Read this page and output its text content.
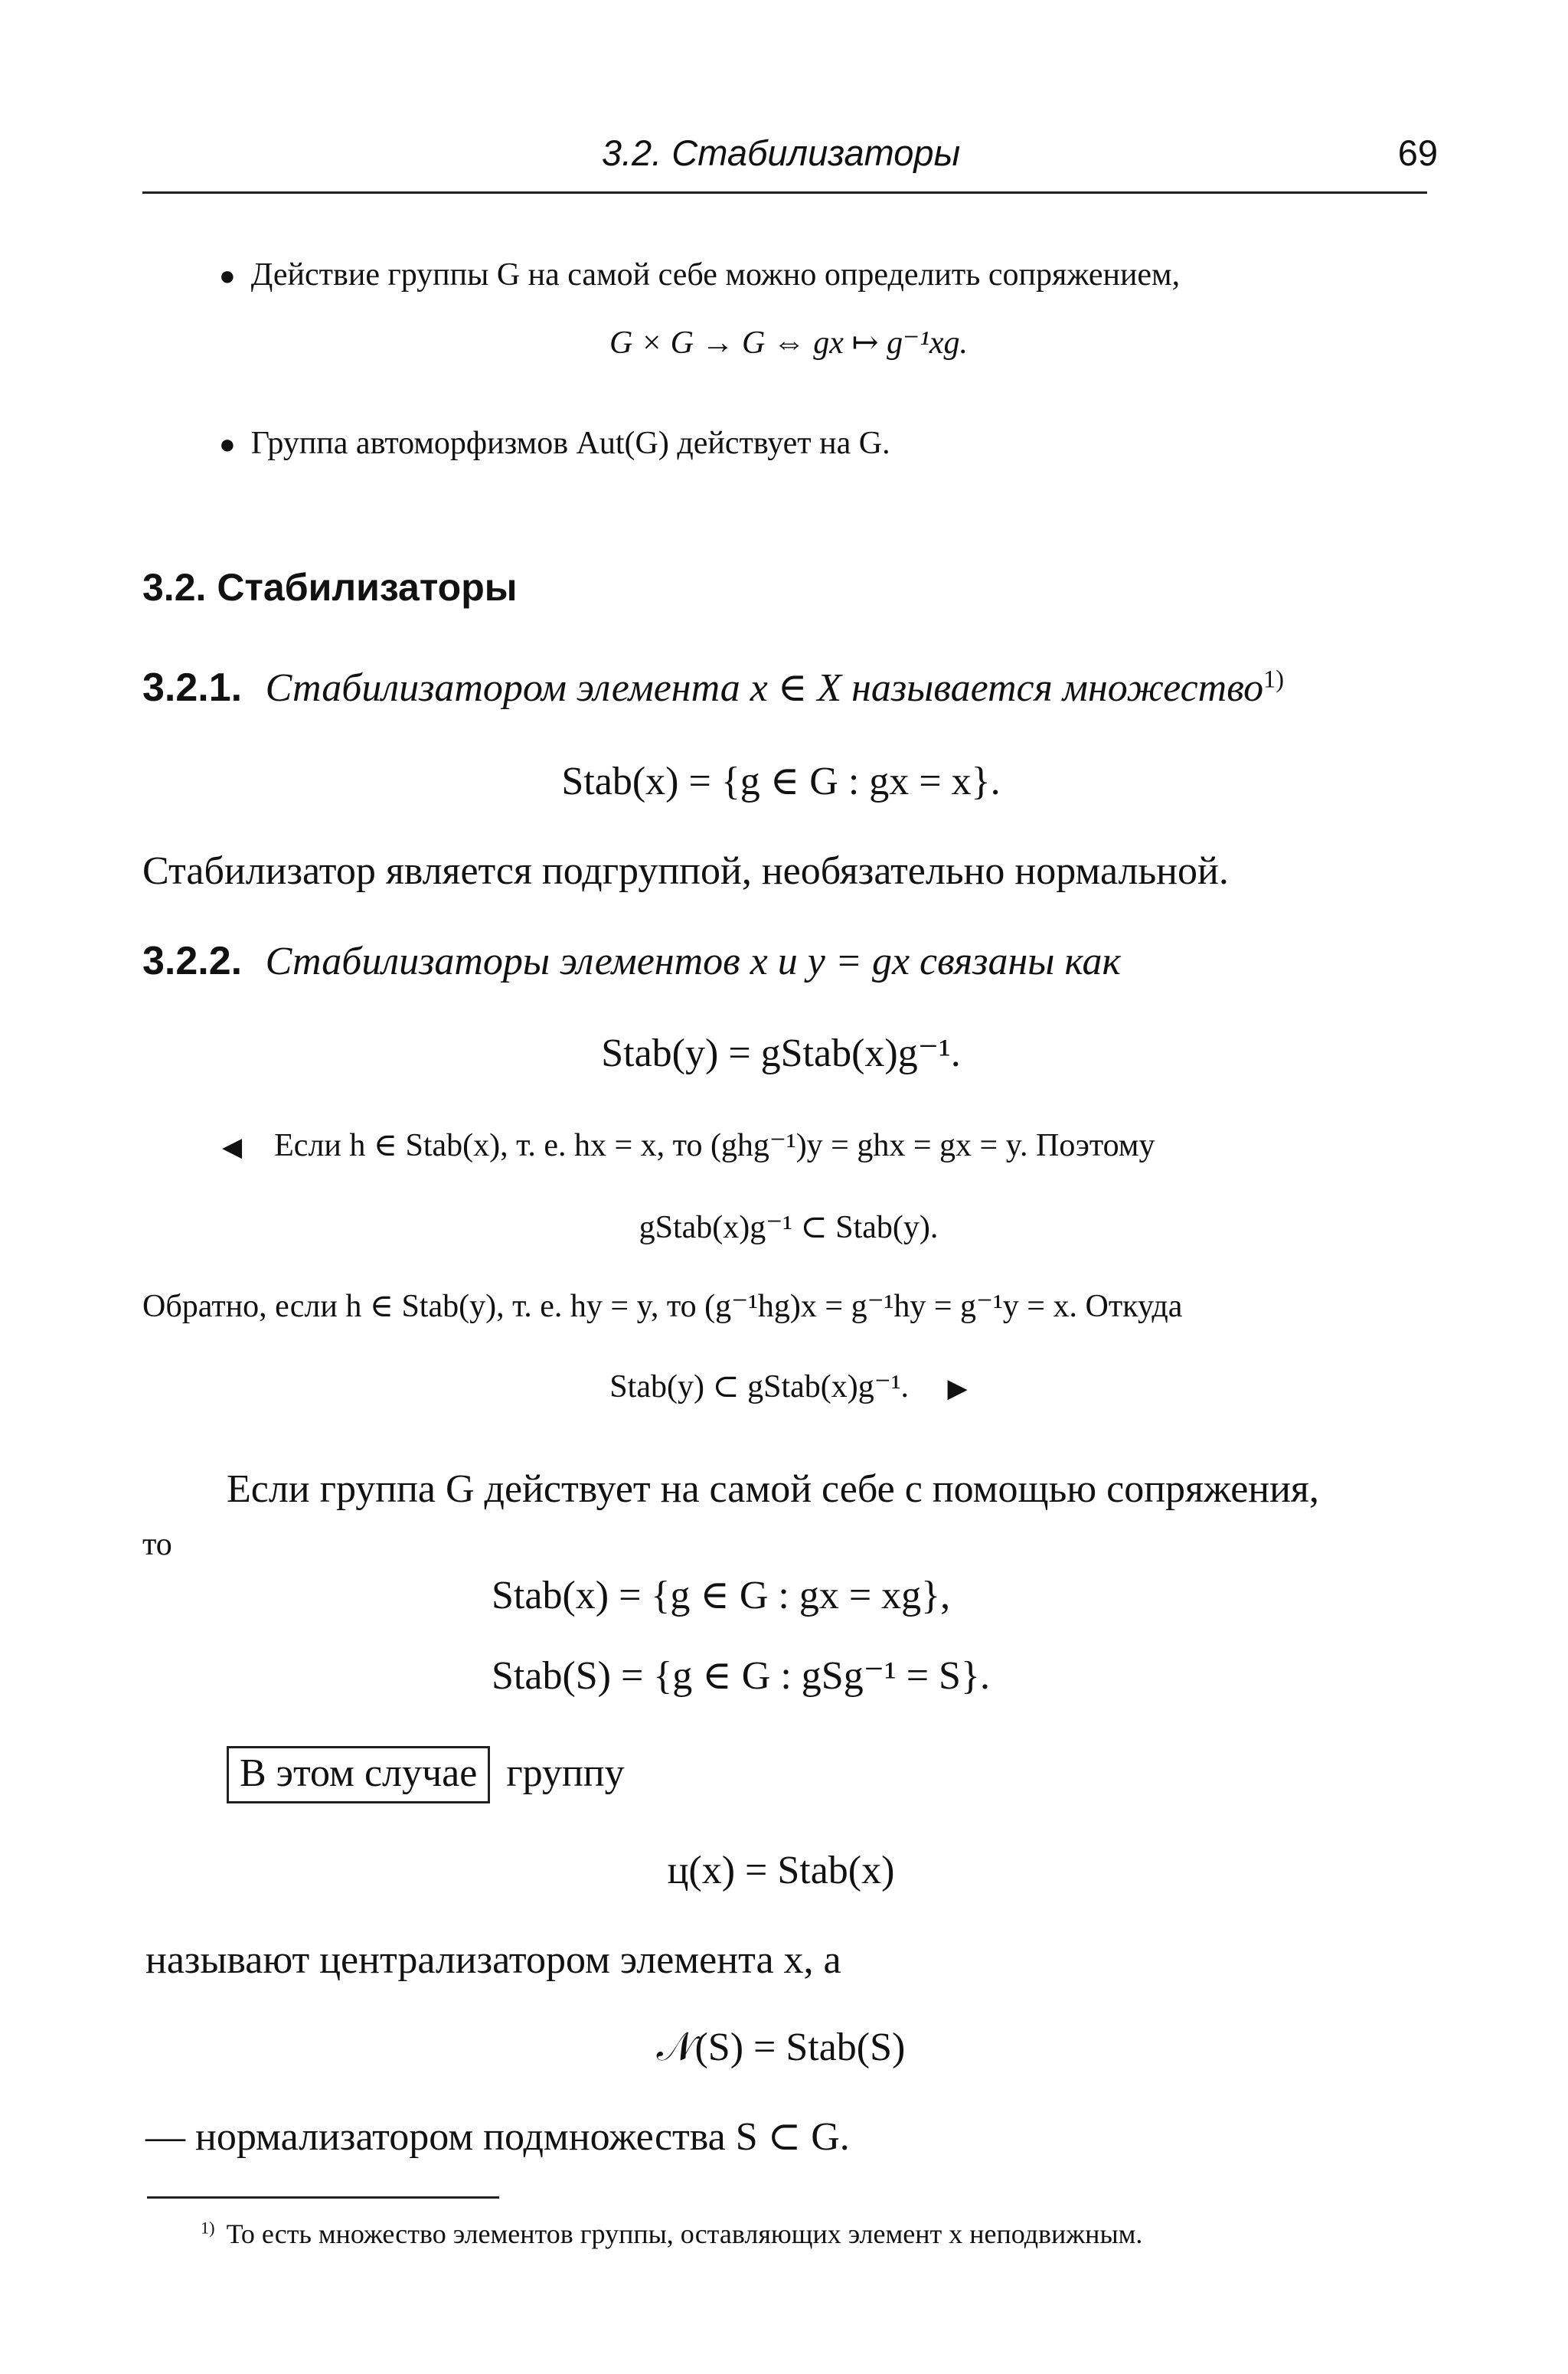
3.2. Стабилизаторы	69
● Действие группы G на самой себе можно определить сопряжением,
G × G → G ⇔ gx ↦ g⁻¹xg.
● Группа автоморфизмов Aut(G) действует на G.
3.2. Стабилизаторы
3.2.1. Стабилизатором элемента x ∈ X называется множество$^{1)}$
Stab(x) = {g ∈ G : gx = x}.
Стабилизатор является подгруппой, необязательно нормальной.
3.2.2. Стабилизаторы элементов x и y = gx связаны как
Stab(y) = gStab(x)g⁻¹.
◀ Если h ∈ Stab(x), т. е. hx = x, то (ghg⁻¹)y = ghx = gx = y. Поэтому
gStab(x)g⁻¹ ⊂ Stab(y).
Обратно, если h ∈ Stab(y), т. е. hy = y, то (g⁻¹hg)x = g⁻¹hy = g⁻¹y = x. Откуда
Stab(y) ⊂ gStab(x)g⁻¹. ▶
Если группа G действует на самой себе с помощью сопряжения,
то
Stab(x) = {g ∈ G : gx = xg},
Stab(S) = {g ∈ G : gSg⁻¹ = S}.
В этом случае группу
ц(x) = Stab(x)
называют централизатором элемента x, а
𝒩(S) = Stab(S)
— нормализатором подмножества S ⊂ G.
$^{1)}$ То есть множество элементов группы, оставляющих элемент x неподвижным.
